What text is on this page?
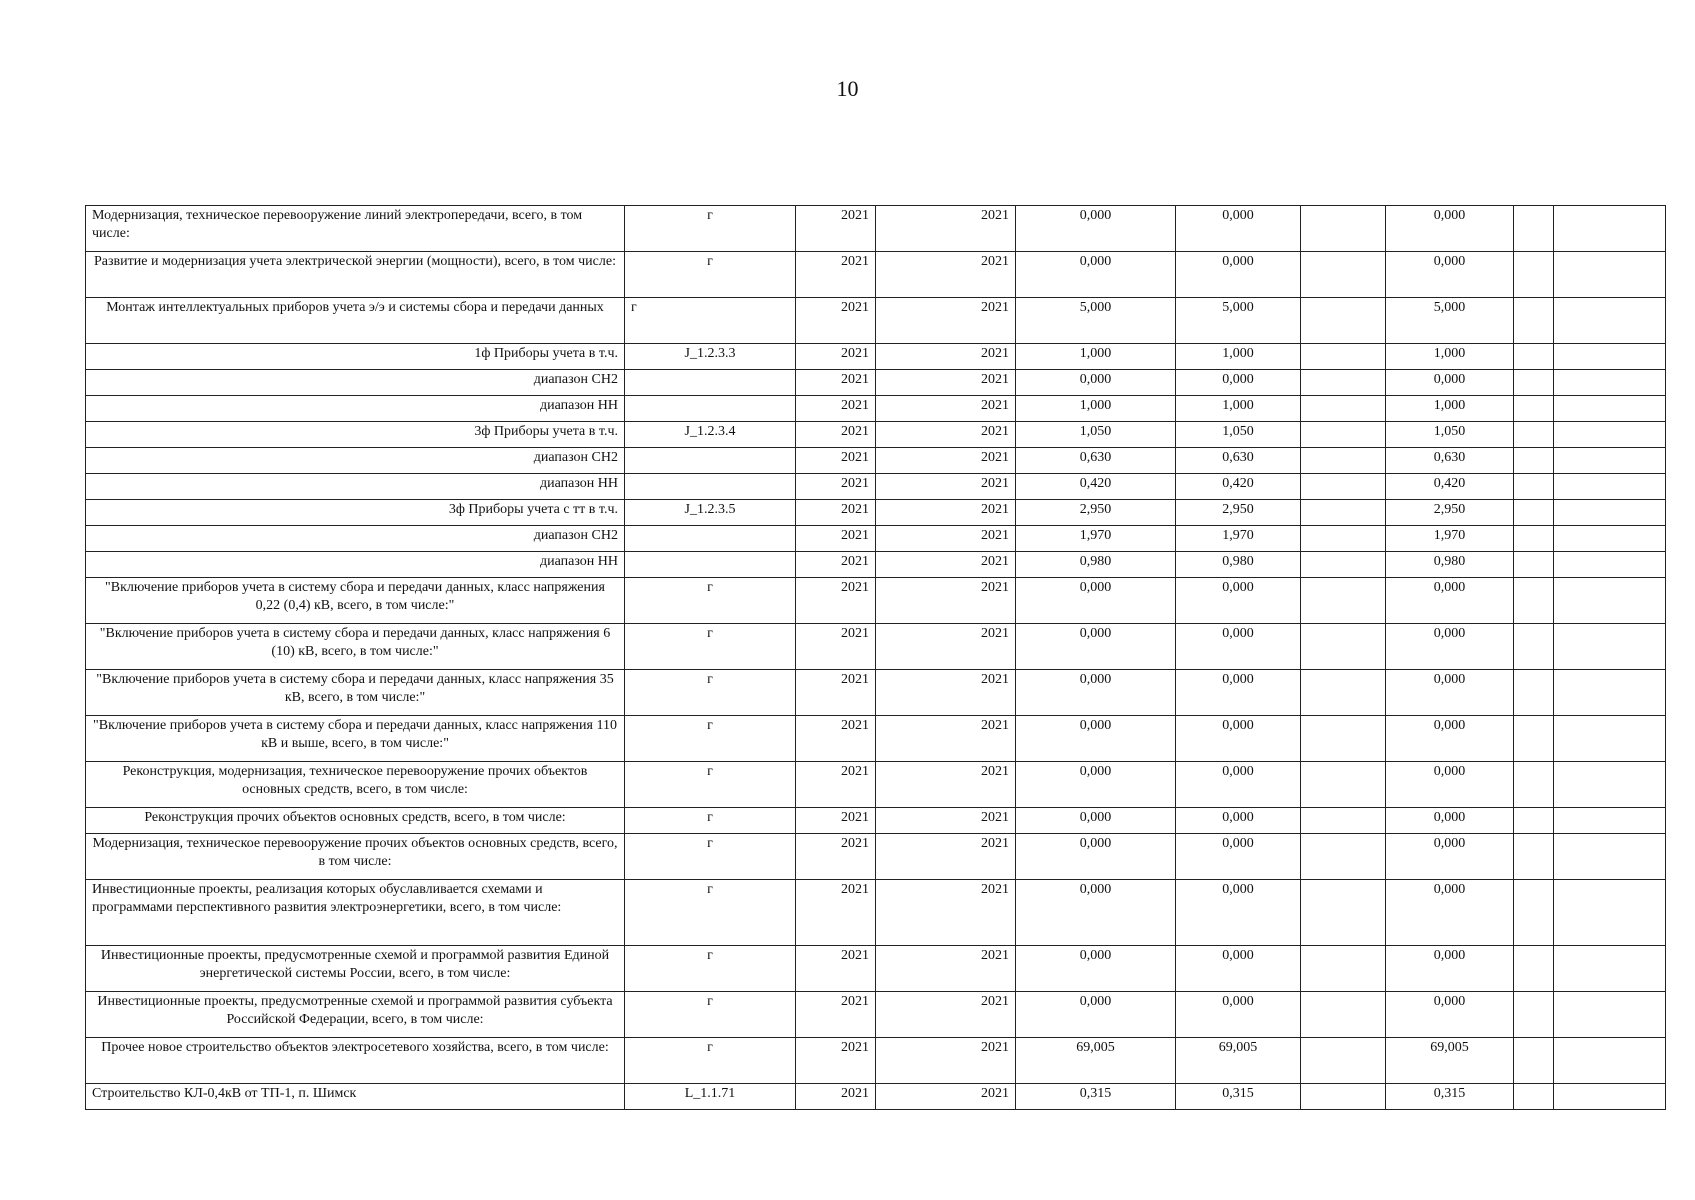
10
Модернизация, техническое перевооружение линий электропередачи, всего, в том числе:	г	2021	2021	0,000	0,000		0,000		
Развитие и модернизация учета электрической энергии (мощности), всего, в том числе:	г	2021	2021	0,000	0,000		0,000		
Монтаж интеллектуальных приборов учета э/э и системы сбора и передачи данных	г	2021	2021	5,000	5,000		5,000		
1ф Приборы учета в т.ч.	J_1.2.3.3	2021	2021	1,000	1,000		1,000		
диапазон СН2		2021	2021	0,000	0,000		0,000		
диапазон НН		2021	2021	1,000	1,000		1,000		
3ф Приборы учета в т.ч.	J_1.2.3.4	2021	2021	1,050	1,050		1,050		
диапазон СН2		2021	2021	0,630	0,630		0,630		
диапазон НН		2021	2021	0,420	0,420		0,420		
3ф Приборы учета с тт в т.ч.	J_1.2.3.5	2021	2021	2,950	2,950		2,950		
диапазон СН2		2021	2021	1,970	1,970		1,970		
диапазон НН		2021	2021	0,980	0,980		0,980		
"Включение приборов учета в систему сбора и передачи данных, класс напряжения 0,22 (0,4) кВ, всего, в том числе:"	г	2021	2021	0,000	0,000		0,000		
"Включение приборов учета в систему сбора и передачи данных, класс напряжения 6 (10) кВ, всего, в том числе:"	г	2021	2021	0,000	0,000		0,000		
"Включение приборов учета в систему сбора и передачи данных, класс напряжения 35 кВ, всего, в том числе:"	г	2021	2021	0,000	0,000		0,000		
"Включение приборов учета в систему сбора и передачи данных, класс напряжения 110 кВ и выше, всего, в том числе:"	г	2021	2021	0,000	0,000		0,000		
Реконструкция, модернизация, техническое перевооружение прочих объектов основных средств, всего, в том числе:	г	2021	2021	0,000	0,000		0,000		
Реконструкция прочих объектов основных средств, всего, в том числе:	г	2021	2021	0,000	0,000		0,000		
Модернизация, техническое перевооружение прочих объектов основных средств, всего, в том числе:	г	2021	2021	0,000	0,000		0,000		
Инвестиционные проекты, реализация которых обуславливается схемами и программами перспективного развития электроэнергетики, всего, в том числе:	г	2021	2021	0,000	0,000		0,000		
Инвестиционные проекты, предусмотренные схемой и программой развития Единой энергетической системы России, всего, в том числе:	г	2021	2021	0,000	0,000		0,000		
Инвестиционные проекты, предусмотренные схемой и программой развития субъекта Российской Федерации, всего, в том числе:	г	2021	2021	0,000	0,000		0,000		
Прочее новое строительство объектов электросетевого хозяйства, всего, в том числе:	г	2021	2021	69,005	69,005		69,005		
Строительство КЛ-0,4кВ от ТП-1, п. Шимск	L_1.1.71	2021	2021	0,315	0,315		0,315		
